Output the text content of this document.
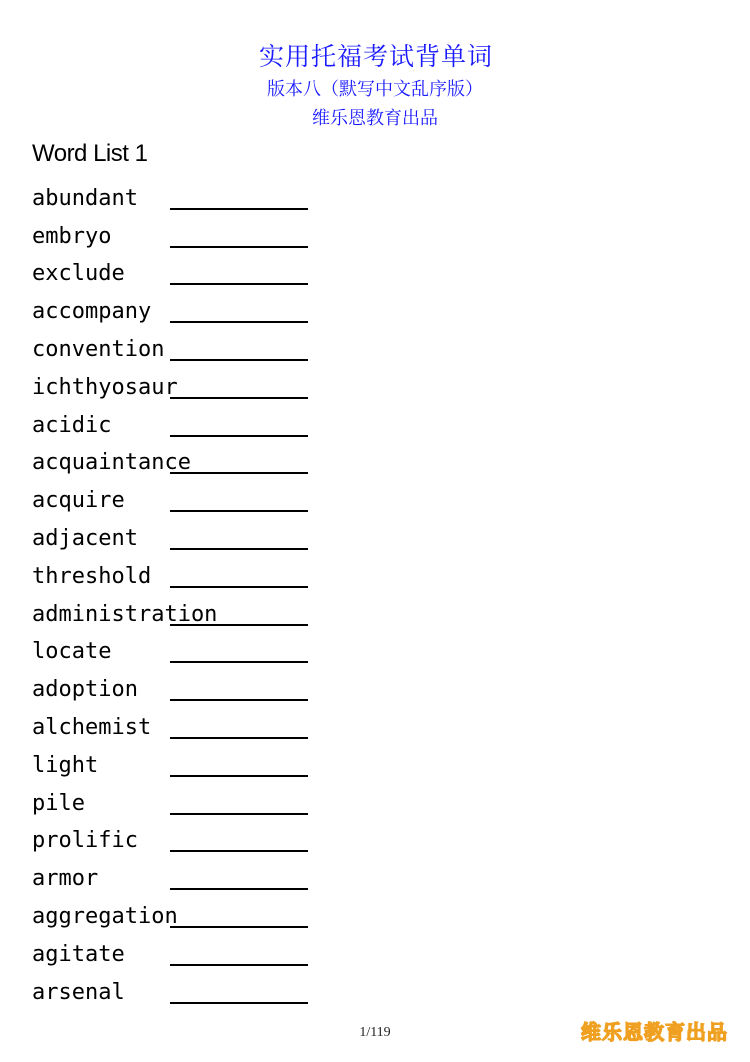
实用托福考试背单词
版本八（默写中文乱序版）
维乐恩教育出品
Word List 1
abundant
embryo
exclude
accompany
convention
ichthyosaur
acidic
acquaintance
acquire
adjacent
threshold
administration
locate
adoption
alchemist
light
pile
prolific
armor
aggregation
agitate
arsenal
1/119	维乐恩教育出品
